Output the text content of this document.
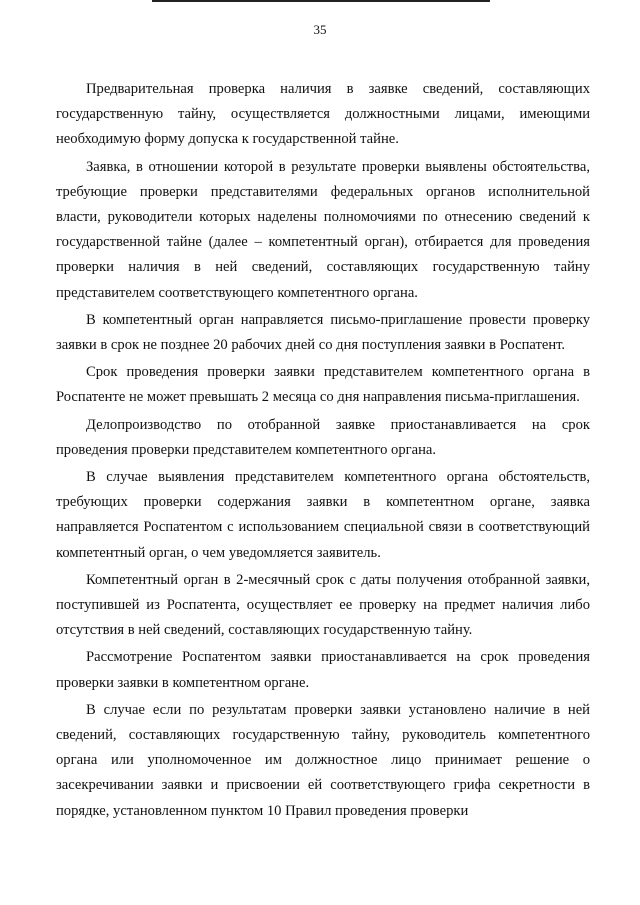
35

Предварительная проверка наличия в заявке сведений, составляющих государственную тайну, осуществляется должностными лицами, имеющими необходимую форму допуска к государственной тайне.

Заявка, в отношении которой в результате проверки выявлены обстоятельства, требующие проверки представителями федеральных органов исполнительной власти, руководители которых наделены полномочиями по отнесению сведений к государственной тайне (далее – компетентный орган), отбирается для проведения проверки наличия в ней сведений, составляющих государственную тайну представителем соответствующего компетентного органа.

В компетентный орган направляется письмо-приглашение провести проверку заявки в срок не позднее 20 рабочих дней со дня поступления заявки в Роспатент.

Срок проведения проверки заявки представителем компетентного органа в Роспатенте не может превышать 2 месяца со дня направления письма-приглашения.

Делопроизводство по отобранной заявке приостанавливается на срок проведения проверки представителем компетентного органа.

В случае выявления представителем компетентного органа обстоятельств, требующих проверки содержания заявки в компетентном органе, заявка направляется Роспатентом с использованием специальной связи в соответствующий компетентный орган, о чем уведомляется заявитель.

Компетентный орган в 2-месячный срок с даты получения отобранной заявки, поступившей из Роспатента, осуществляет ее проверку на предмет наличия либо отсутствия в ней сведений, составляющих государственную тайну.

Рассмотрение Роспатентом заявки приостанавливается на срок проведения проверки заявки в компетентном органе.

В случае если по результатам проверки заявки установлено наличие в ней сведений, составляющих государственную тайну, руководитель компетентного органа или уполномоченное им должностное лицо принимает решение о засекречивании заявки и присвоении ей соответствующего грифа секретности в порядке, установленном пунктом 10 Правил проведения проверки
